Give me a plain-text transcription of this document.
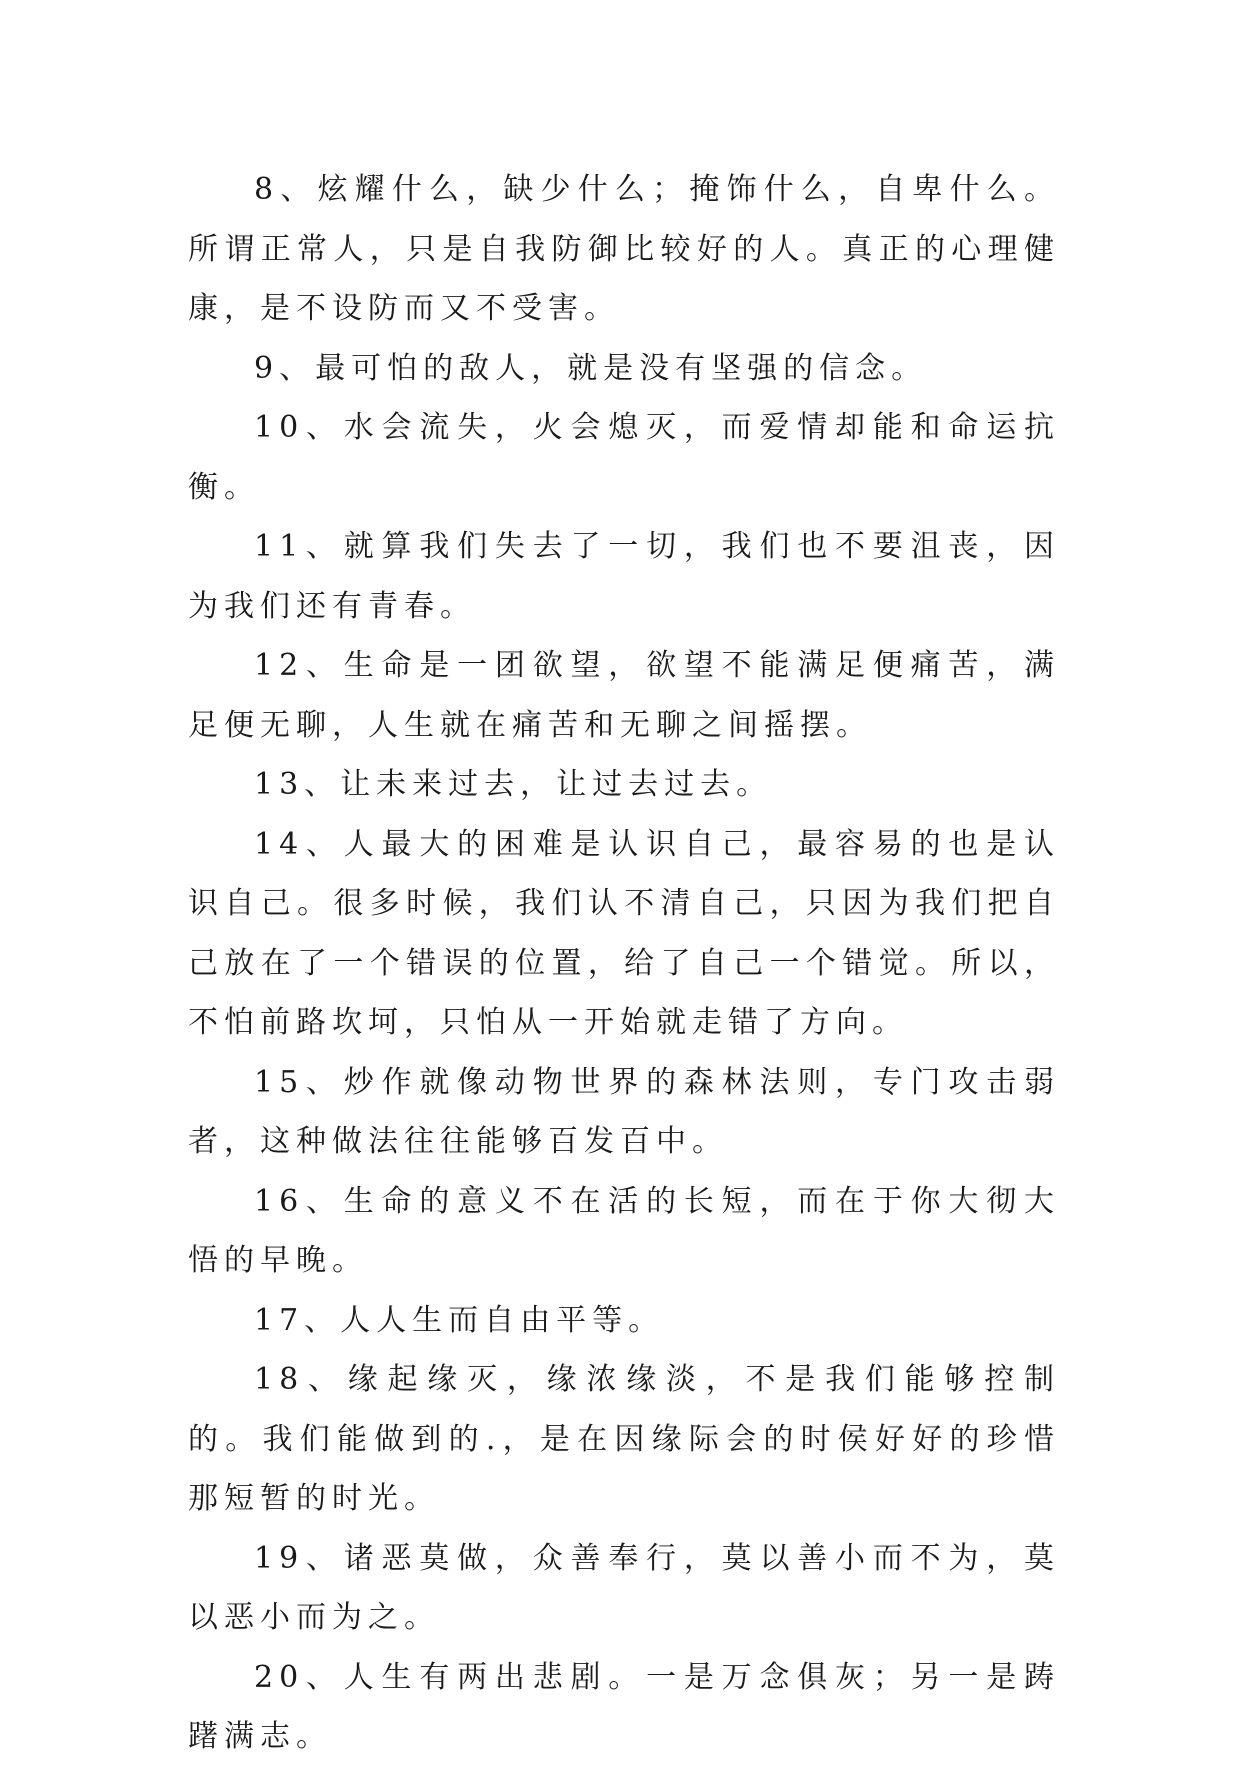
8、炫耀什么，缺少什么；掩饰什么，自卑什么。所谓正常人，只是自我防御比较好的人。真正的心理健康，是不设防而又不受害。

9、最可怕的敌人，就是没有坚强的信念。

10、水会流失，火会熄灭，而爱情却能和命运抗衡。

11、就算我们失去了一切，我们也不要沮丧，因为我们还有青春。

12、生命是一团欲望，欲望不能满足便痛苦，满足便无聊，人生就在痛苦和无聊之间摇摆。

13、让未来过去，让过去过去。

14、人最大的困难是认识自己，最容易的也是认识自己。很多时候，我们认不清自己，只因为我们把自己放在了一个错误的位置，给了自己一个错觉。所以，不怕前路坎坷，只怕从一开始就走错了方向。

15、炒作就像动物世界的森林法则，专门攻击弱者，这种做法往往能够百发百中。

16、生命的意义不在活的长短，而在于你大彻大悟的早晚。

17、人人生而自由平等。

18、缘起缘灭，缘浓缘淡，不是我们能够控制的。我们能做到的.，是在因缘际会的时侯好好的珍惜那短暂的时光。

19、诸恶莫做，众善奉行，莫以善小而不为，莫以恶小而为之。

20、人生有两出悲剧。一是万念俱灰；另一是踌躇满志。
